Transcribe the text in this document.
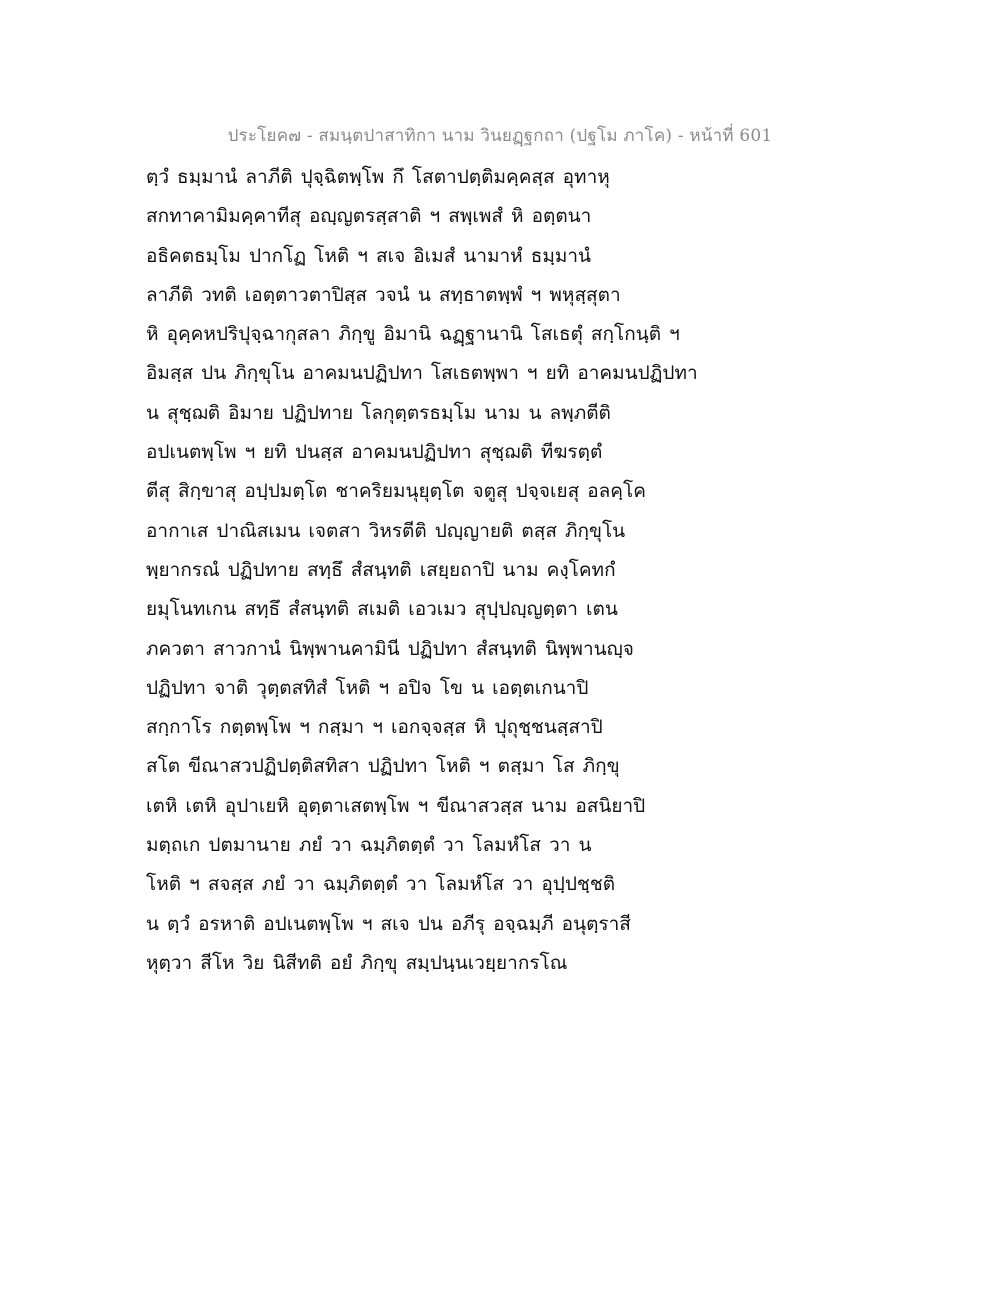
ประโยค๗ - สมนฺตปาสาทิกา นาม วินยฏฺฐกถา (ปฐโม ภาโค) - หน้าที่ 601
ตฺวํ ธมฺมานํ ลาภีติ ปุจฺฉิตพฺโพ กึ โสตาปตฺติมคฺคสฺส อุทาหุ
สกทาคามิมคฺคาทีสุ อญฺญตรสฺสาติ ฯ สพฺเพสํ หิ อตฺตนา
อธิคตธมฺโม ปากโฏ โหติ ฯ สเจ อิเมสํ นามาหํ ธมฺมานํ
ลาภีติ วทติ เอตฺตาวตาปิสฺส วจนํ น สทฺธาตพฺพํ ฯ พหุสฺสุตา
หิ อุคฺคหปริปุจฺฉากุสลา ภิกฺขู อิมานิ ฉฏฺฐานานิ โสเธตุํ สกฺโกนฺติ ฯ
อิมสฺส ปน ภิกฺขุโน อาคมนปฏิปทา โสเธตพฺพา ฯ ยทิ อาคมนปฏิปทา
น สุชฺฌติ อิมาย ปฏิปทาย โลกุตฺตรธมฺโม นาม น ลพฺภตีติ
อปเนตพฺโพ ฯ ยทิ ปนสฺส อาคมนปฏิปทา สุชฺฌติ ทีฆรตฺตํ
ตีสุ สิกฺขาสุ อปฺปมตฺโต ชาคริยมนุยุตฺโต จตูสุ ปจฺจเยสุ อลคฺโค
อากาเส ปาณิสเมน เจตสา วิหรตีติ ปญฺญายติ ตสฺส ภิกฺขุโน
พฺยากรณํ ปฏิปทาย สทฺธึ สํสนฺทติ เสยฺยถาปิ นาม คงฺโคทกํ
ยมุโนทเกน สทฺธึ สํสนฺทติ สเมติ เอวเมว สุปฺปญฺญตฺตา เตน
ภควตา สาวกานํ นิพฺพานคามินี ปฏิปทา สํสนฺทติ นิพฺพานญฺจ
ปฏิปทา จาติ วุตฺตสทิสํ โหติ ฯ อปิจ โข น เอตฺตเกนาปิ
สกฺกาโร กตฺตพฺโพ ฯ กสฺมา ฯ เอกจฺจสฺส หิ ปุถุชฺชนสฺสาปิ
สโต ขีณาสวปฏิปตฺติสทิสา ปฏิปทา โหติ ฯ ตสฺมา โส ภิกฺขุ
เตหิ เตหิ อุปาเยหิ อุตฺตาเสตพฺโพ ฯ ขีณาสวสฺส นาม อสนิยาปิ
มตฺถเก ปตมานาย ภยํ วา ฉมฺภิตตฺตํ วา โลมหํโส วา น
โหติ ฯ สจสฺส ภยํ วา ฉมฺภิตตฺตํ วา โลมหํโส วา อุปฺปชฺชติ
น ตฺวํ อรหาติ อปเนตพฺโพ ฯ สเจ ปน อภีรุ อจฺฉมฺภี อนุตฺราสี
หุตฺวา สีโห วิย นิสีทติ อยํ ภิกฺขุ สมฺปนฺนเวยฺยากรโณ
